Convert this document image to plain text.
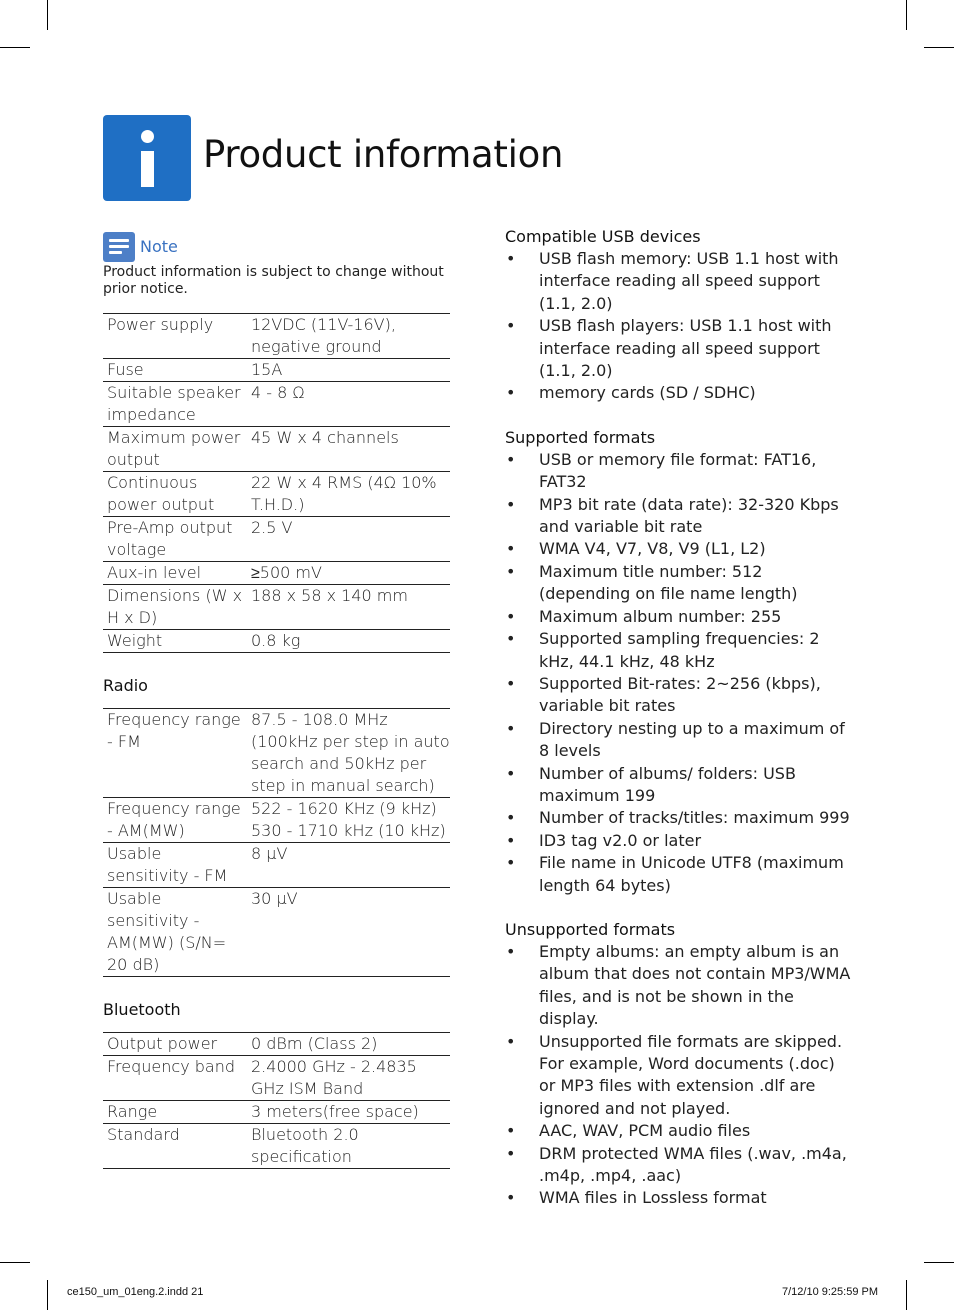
Product information
Note
Product information is subject to change without prior notice.
Power supply	12VDC (11V-16V), negative ground
Fuse	15A
Suitable speaker impedance	4 - 8 Ω
Maximum power output	45 W x 4 channels
Continuous power output	22 W x 4 RMS (4Ω 10% T.H.D.)
Pre-Amp output voltage	2.5 V
Aux-in level	≥500 mV
Dimensions (W x H x D)	188 x 58 x 140 mm
Weight	0.8 kg
Radio
Frequency range - FM	87.5 - 108.0 MHz (100kHz per step in auto search and 50kHz per step in manual search)
Frequency range - AM(MW)	522 - 1620 KHz (9 kHz) 530 - 1710 kHz (10 kHz)
Usable sensitivity - FM	8 µV
Usable sensitivity - AM(MW) (S/N= 20 dB)	30 µV
Bluetooth
Output power	0 dBm (Class 2)
Frequency band	2.4000 GHz - 2.4835 GHz ISM Band
Range	3 meters(free space)
Standard	Bluetooth 2.0 specification
Compatible USB devices
• USB flash memory: USB 1.1 host with interface reading all speed support (1.1, 2.0)
• USB flash players: USB 1.1 host with interface reading all speed support (1.1, 2.0)
• memory cards (SD / SDHC)
Supported formats
• USB or memory file format: FAT16, FAT32
• MP3 bit rate (data rate): 32-320 Kbps and variable bit rate
• WMA V4, V7, V8, V9 (L1, L2)
• Maximum title number: 512 (depending on file name length)
• Maximum album number: 255
• Supported sampling frequencies: 2 kHz, 44.1 kHz, 48 kHz
• Supported Bit-rates: 2~256 (kbps), variable bit rates
• Directory nesting up to a maximum of 8 levels
• Number of albums/ folders: USB maximum 199
• Number of tracks/titles: maximum 999
• ID3 tag v2.0 or later
• File name in Unicode UTF8 (maximum length 64 bytes)
Unsupported formats
• Empty albums: an empty album is an album that does not contain MP3/WMA files, and is not be shown in the display.
• Unsupported file formats are skipped. For example, Word documents (.doc) or MP3 files with extension .dlf are ignored and not played.
• AAC, WAV, PCM audio files
• DRM protected WMA files (.wav, .m4a, .m4p, .mp4, .aac)
• WMA files in Lossless format
ce150_um_01eng.2.indd 21	7/12/10 9:25:59 PM
